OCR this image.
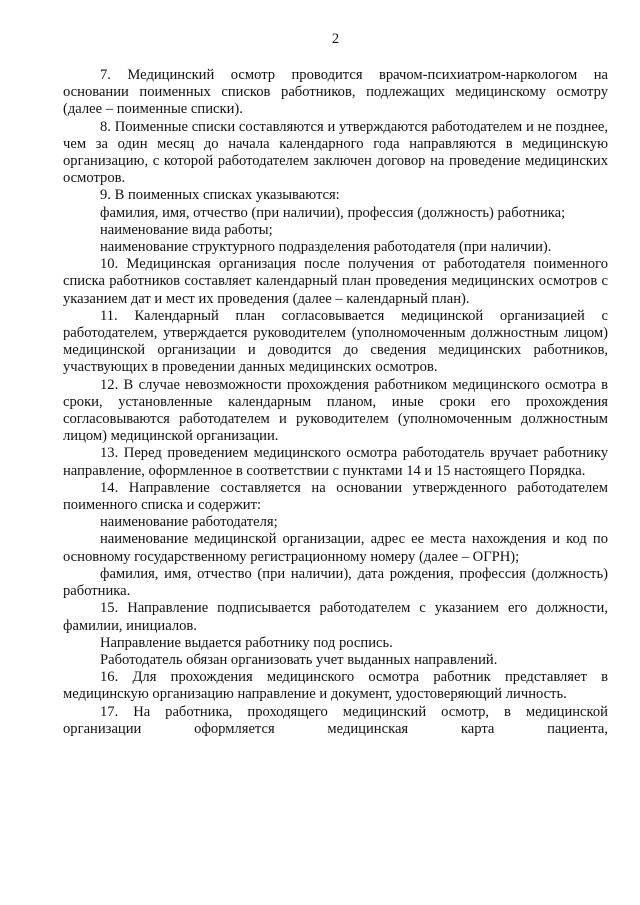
2

7. Медицинский осмотр проводится врачом-психиатром-наркологом на основании поименных списков работников, подлежащих медицинскому осмотру (далее – поименные списки).

8. Поименные списки составляются и утверждаются работодателем и не позднее, чем за один месяц до начала календарного года направляются в медицинскую организацию, с которой работодателем заключен договор на проведение медицинских осмотров.

9. В поименных списках указываются:

фамилия, имя, отчество (при наличии), профессия (должность) работника;

наименование вида работы;

наименование структурного подразделения работодателя (при наличии).

10. Медицинская организация после получения от работодателя поименного списка работников составляет календарный план проведения медицинских осмотров с указанием дат и мест их проведения (далее – календарный план).

11. Календарный план согласовывается медицинской организацией с работодателем, утверждается руководителем (уполномоченным должностным лицом) медицинской организации и доводится до сведения медицинских работников, участвующих в проведении данных медицинских осмотров.

12. В случае невозможности прохождения работником медицинского осмотра в сроки, установленные календарным планом, иные сроки его прохождения согласовываются работодателем и руководителем (уполномоченным должностным лицом) медицинской организации.

13. Перед проведением медицинского осмотра работодатель вручает работнику направление, оформленное в соответствии с пунктами 14 и 15 настоящего Порядка.

14. Направление составляется на основании утвержденного работодателем поименного списка и содержит:

наименование работодателя;

наименование медицинской организации, адрес ее места нахождения и код по основному государственному регистрационному номеру (далее – ОГРН);

фамилия, имя, отчество (при наличии), дата рождения, профессия (должность) работника.

15. Направление подписывается работодателем с указанием его должности, фамилии, инициалов.

Направление выдается работнику под роспись.

Работодатель обязан организовать учет выданных направлений.

16. Для прохождения медицинского осмотра работник представляет в медицинскую организацию направление и документ, удостоверяющий личность.

17. На работника, проходящего медицинский осмотр, в медицинской организации оформляется медицинская карта пациента,
